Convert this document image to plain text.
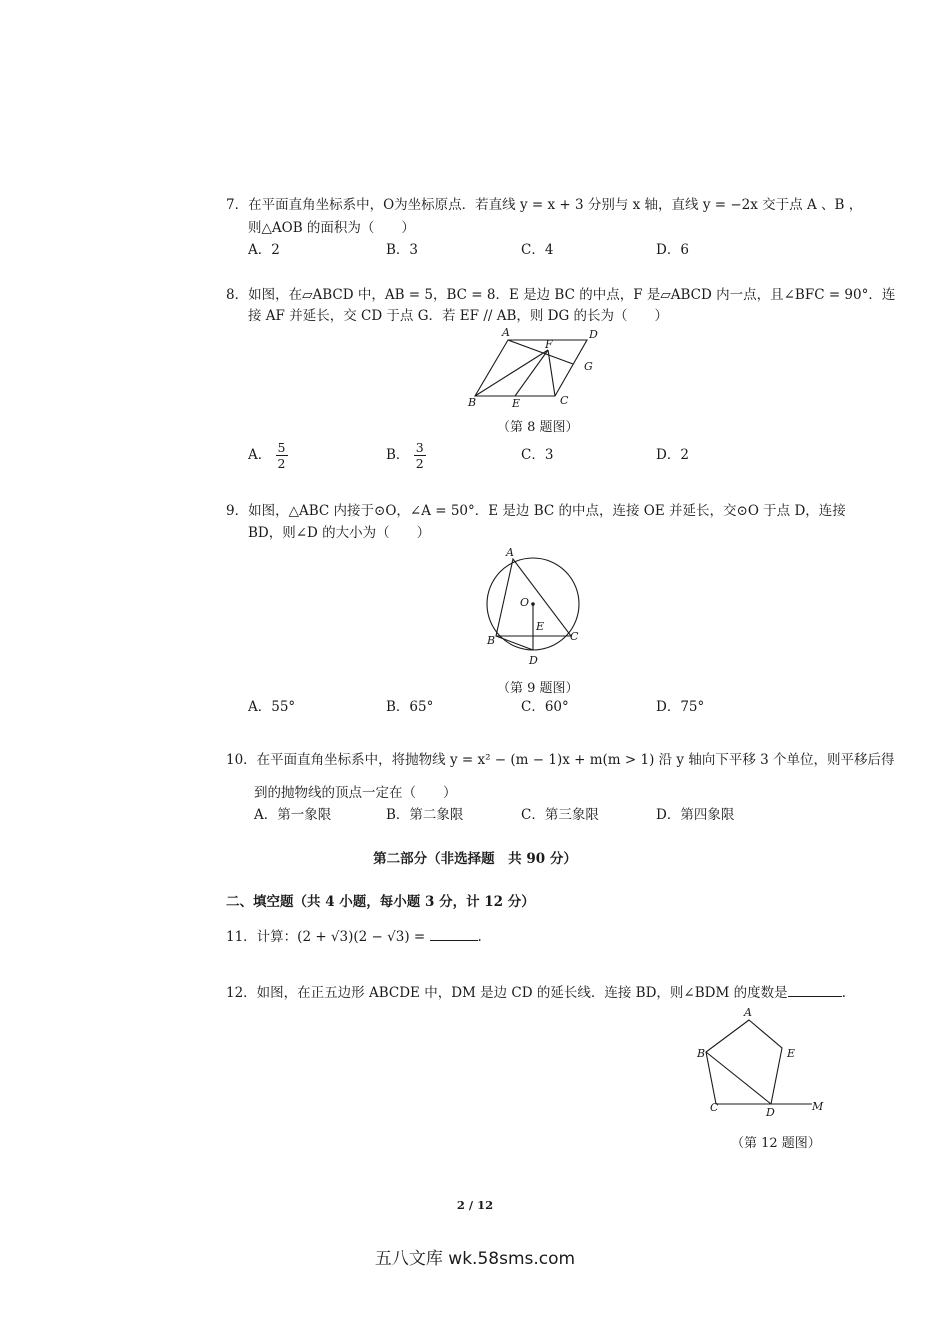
7．在平面直角坐标系中，O为坐标原点．若直线 y = x + 3 分别与 x 轴，直线 y = −2x 交于点 A 、B ，
则△AOB 的面积为（　　）
A．2	B．3	C．4	D．6
8．如图，在▱ABCD 中，AB = 5，BC = 8．E 是边 BC 的中点，F 是▱ABCD 内一点，且∠BFC = 90°．连
接 AF 并延长，交 CD 于点 G．若 EF // AB，则 DG 的长为（　　）
A	D
F
G
B	E	C
（第 8 题图）
A． $\frac{5}{2}$	B． $\frac{3}{2}$	C．3	D．2
9．如图，△ABC 内接于⊙O，∠A = 50°．E 是边 BC 的中点，连接 OE 并延长，交⊙O 于点 D，连接
BD，则∠D 的大小为（　　）
A
O
E
B	C
D
（第 9 题图）
A．55°	B．65°	C．60°	D．75°
10．在平面直角坐标系中，将抛物线 y = x² − (m − 1)x + m(m > 1) 沿 y 轴向下平移 3 个单位，则平移后得
到的抛物线的顶点一定在（　　）
A．第一象限	B．第二象限	C．第三象限	D．第四象限
第二部分（非选择题　共 90 分）
二、填空题（共 4 小题，每小题 3 分，计 12 分）
11．计算：(2 + √3)(2 − √3) =	.
12．如图，在正五边形 ABCDE 中，DM 是边 CD 的延长线．连接 BD，则∠BDM 的度数是	.
A
B	E
C	D	M
（第 12 题图）
2 / 12
五八文库 wk.58sms.com
